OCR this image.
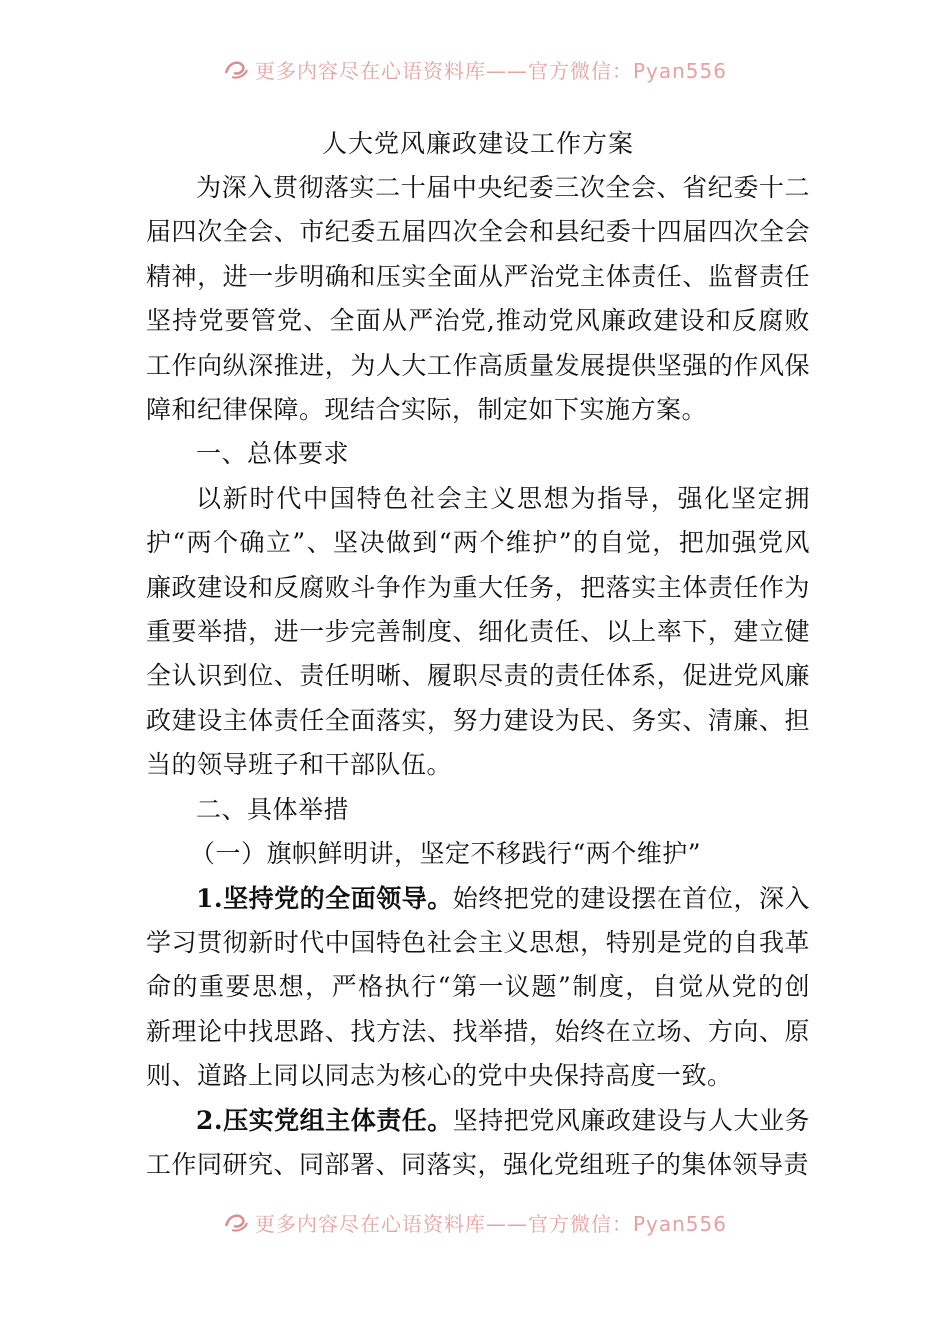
更多内容尽在心语资料库——官方微信：Pyan556

人大党风廉政建设工作方案

为深入贯彻落实二十届中央纪委三次全会、省纪委十二届四次全会、市纪委五届四次全会和县纪委十四届四次全会精神，进一步明确和压实全面从严治党主体责任、监督责任坚持党要管党、全面从严治党,推动党风廉政建设和反腐败工作向纵深推进，为人大工作高质量发展提供坚强的作风保障和纪律保障。现结合实际，制定如下实施方案。

一、总体要求

以新时代中国特色社会主义思想为指导，强化坚定拥护“两个确立”、坚决做到“两个维护”的自觉，把加强党风廉政建设和反腐败斗争作为重大任务，把落实主体责任作为重要举措，进一步完善制度、细化责任、以上率下，建立健全认识到位、责任明晰、履职尽责的责任体系，促进党风廉政建设主体责任全面落实，努力建设为民、务实、清廉、担当的领导班子和干部队伍。

二、具体举措

（一）旗帜鲜明讲，坚定不移践行“两个维护”

1.坚持党的全面领导。始终把党的建设摆在首位，深入学习贯彻新时代中国特色社会主义思想，特别是党的自我革命的重要思想，严格执行“第一议题”制度，自觉从党的创新理论中找思路、找方法、找举措，始终在立场、方向、原则、道路上同以同志为核心的党中央保持高度一致。

2.压实党组主体责任。坚持把党风廉政建设与人大业务工作同研究、同部署、同落实，强化党组班子的集体领导责

更多内容尽在心语资料库——官方微信：Pyan556
